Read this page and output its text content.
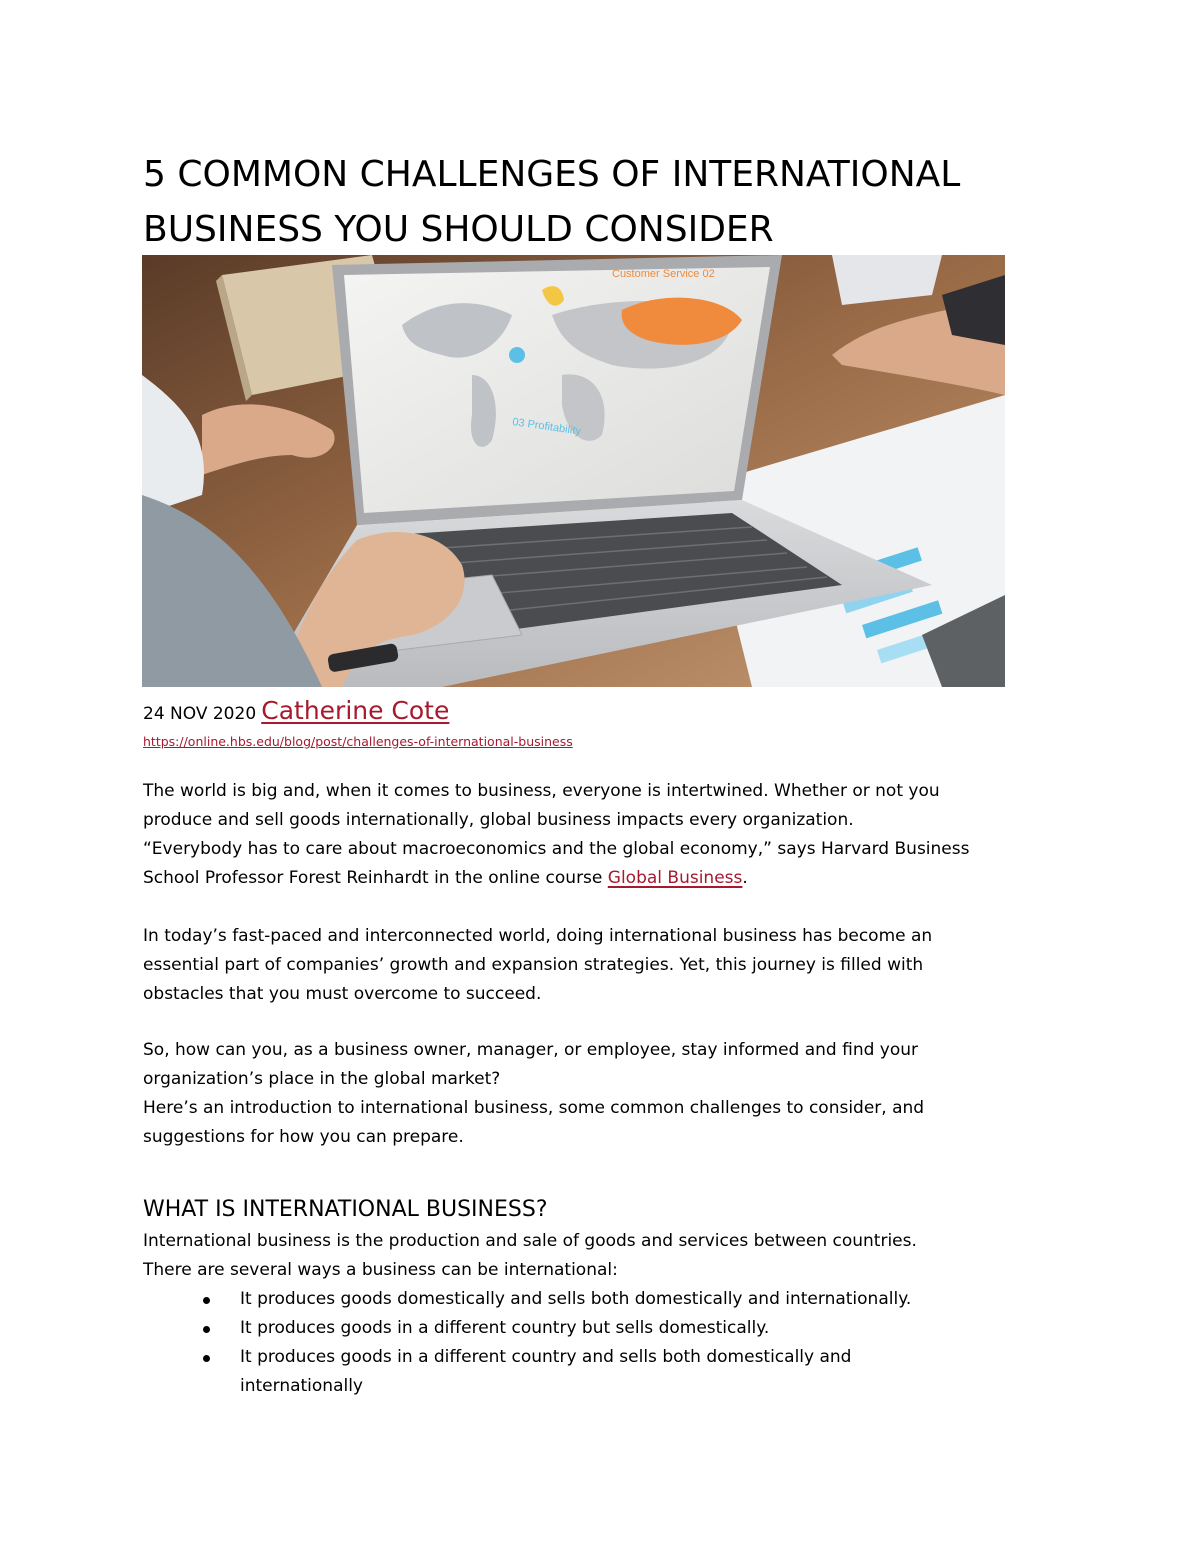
5 COMMON CHALLENGES OF INTERNATIONAL
BUSINESS YOU SHOULD CONSIDER
Customer Service 02
03 Profitability
24 NOV 2020 Catherine Cote
https://online.hbs.edu/blog/post/challenges-of-international-business

The world is big and, when it comes to business, everyone is intertwined. Whether or not you
produce and sell goods internationally, global business impacts every organization.
“Everybody has to care about macroeconomics and the global economy,” says Harvard Business
School Professor Forest Reinhardt in the online course Global Business.

In today’s fast-paced and interconnected world, doing international business has become an
essential part of companies’ growth and expansion strategies. Yet, this journey is filled with
obstacles that you must overcome to succeed.

So, how can you, as a business owner, manager, or employee, stay informed and find your
organization’s place in the global market?
Here’s an introduction to international business, some common challenges to consider, and
suggestions for how you can prepare.

WHAT IS INTERNATIONAL BUSINESS?

International business is the production and sale of goods and services between countries.
There are several ways a business can be international:

It produces goods domestically and sells both domestically and internationally.
It produces goods in a different country but sells domestically.
It produces goods in a different country and sells both domestically and internationally
